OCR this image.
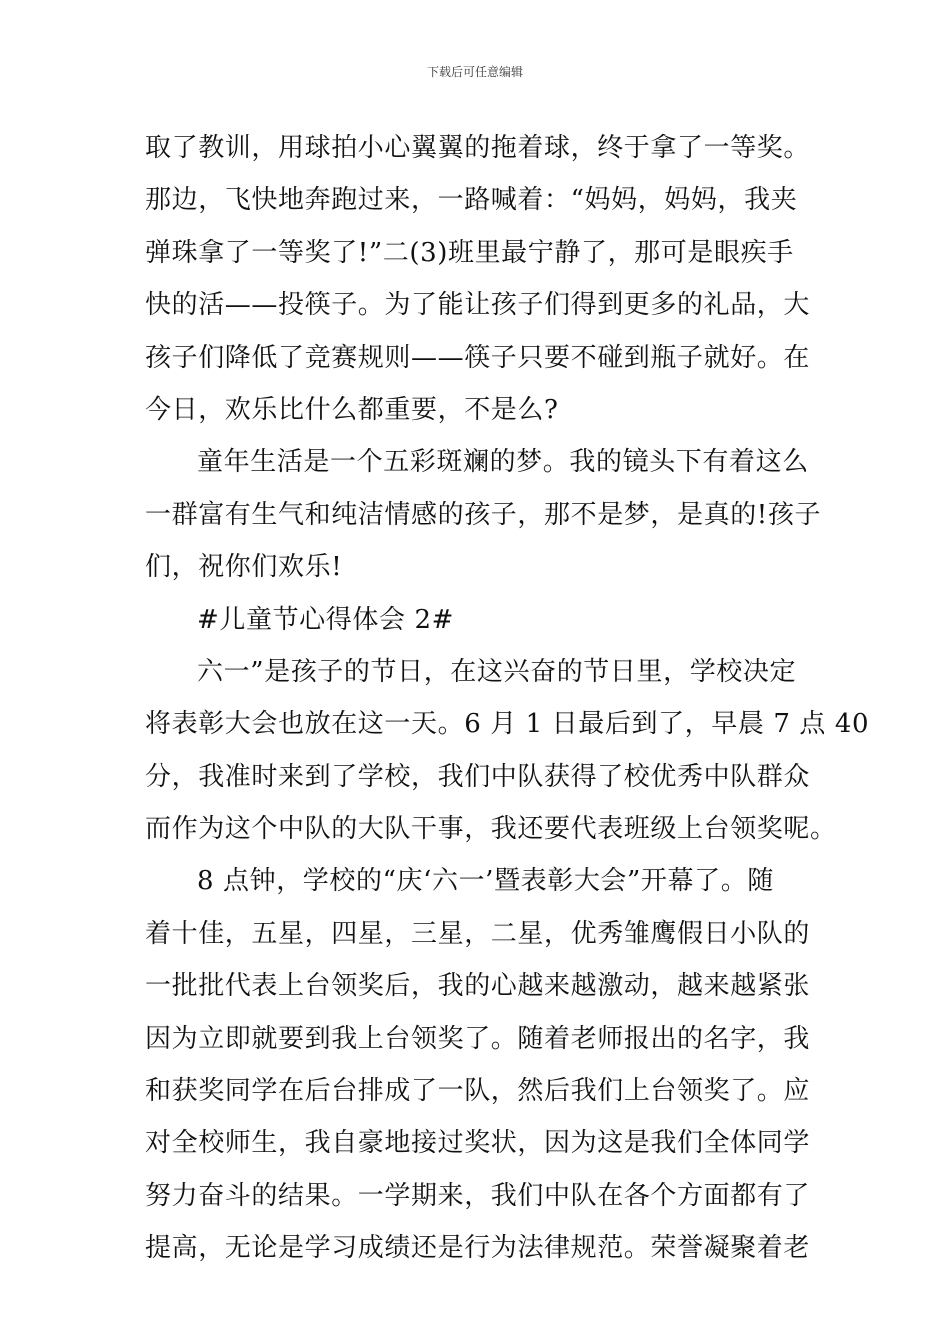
下载后可任意编辑
取了教训，用球拍小心翼翼的拖着球，终于拿了一等奖。
那边，飞快地奔跑过来，一路喊着：“妈妈，妈妈，我夹
弹珠拿了一等奖了!”二(3)班里最宁静了，那可是眼疾手
快的活——投筷子。为了能让孩子们得到更多的礼品，大
孩子们降低了竞赛规则——筷子只要不碰到瓶子就好。在
今日，欢乐比什么都重要，不是么?
童年生活是一个五彩斑斓的梦。我的镜头下有着这么
一群富有生气和纯洁情感的孩子，那不是梦，是真的!孩子
们，祝你们欢乐!
#儿童节心得体会 2#
六一”是孩子的节日，在这兴奋的节日里，学校决定
将表彰大会也放在这一天。6 月 1 日最后到了，早晨 7 点 40
分，我准时来到了学校，我们中队获得了校优秀中队群众
而作为这个中队的大队干事，我还要代表班级上台领奖呢。
8 点钟，学校的“庆‘六一’暨表彰大会”开幕了。随
着十佳，五星，四星，三星，二星，优秀雏鹰假日小队的
一批批代表上台领奖后，我的心越来越激动，越来越紧张
因为立即就要到我上台领奖了。随着老师报出的名字，我
和获奖同学在后台排成了一队，然后我们上台领奖了。应
对全校师生，我自豪地接过奖状，因为这是我们全体同学
努力奋斗的结果。一学期来，我们中队在各个方面都有了
提高，无论是学习成绩还是行为法律规范。荣誉凝聚着老
